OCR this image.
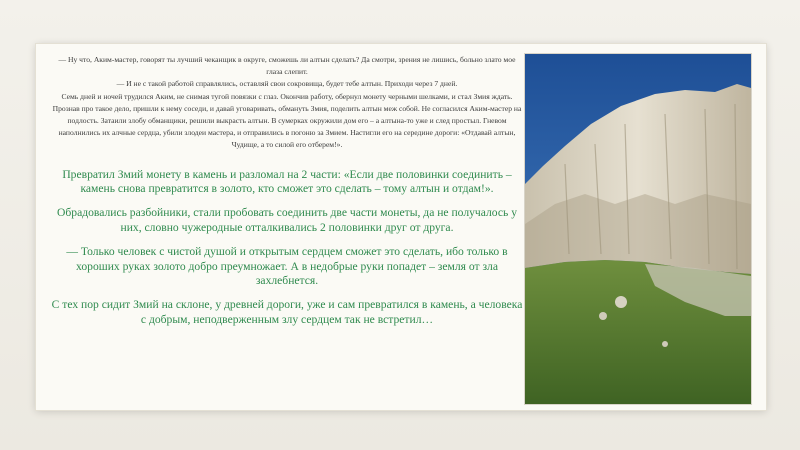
— Ну что, Аким-мастер, говорят ты лучший чеканщик в округе, сможешь ли алтын сделать? Да смотри, зрения не лишись, больно злато мое глаза слепит.

— И не с такой работой справлялись, оставляй свои сокровища, будет тебе алтын. Приходи через 7 дней.

Семь дней и ночей трудился Аким, не снимая тугой повязки с глаз. Окончив работу, обернул монету черными шелками, и стал Змия ждать. Прознав про такое дело, пришли к нему соседи, и давай уговаривать, обмануть Змия, поделить алтын меж собой. Не согласился Аким-мастер на подлость. Затаили злобу обманщики, решили выкрасть алтын. В сумерках окружили дом его – а алтына-то уже и след простыл. Гневом наполнились их алчные сердца, убили злодеи мастера, и отправились в погоню за Змием. Настигли его на середине дороги: «Отдавай алтын, Чудище, а то силой его отберем!».

Превратил Змий монету в камень и разломал на 2 части: «Если две половинки соединить – камень снова превратится в золото, кто сможет это сделать – тому алтын и отдам!».

Обрадовались разбойники, стали пробовать соединить две части монеты, да не получалось у них, словно чужеродные отталкивались 2 половинки друг от друга.

— Только человек с чистой душой и открытым сердцем сможет это сделать, ибо только в хороших руках золото добро преумножает. А в недобрые руки попадет – земля от зла захлебнется.

С тех пор сидит Змий на склоне, у древней дороги, уже и сам превратился в камень, а человека с добрым, неподверженным злу сердцем так не встретил…
